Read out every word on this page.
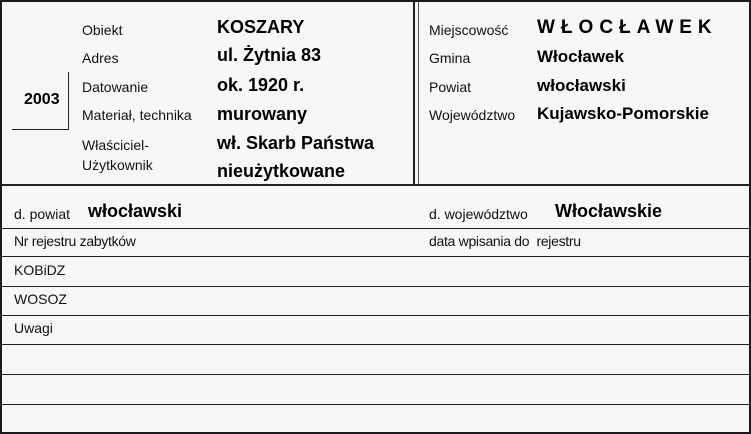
2003
Obiekt
Adres
Datowanie
Materiał, technika
Właściciel-
Użytkownik
KOSZARY
ul. Żytnia 83
ok. 1920 r.
murowany
wł. Skarb Państwa
nieużytkowane
Miejscowość
Gmina
Powiat
Województwo
WŁOCŁAWEK
Włocławek
włocławski
Kujawsko-Pomorskie
d. powiat włocławski	d. województwo Włocławskie
Nr rejestru zabytków	data wpisania do  rejestru
KOBiDZ
WOSOZ
Uwagi
